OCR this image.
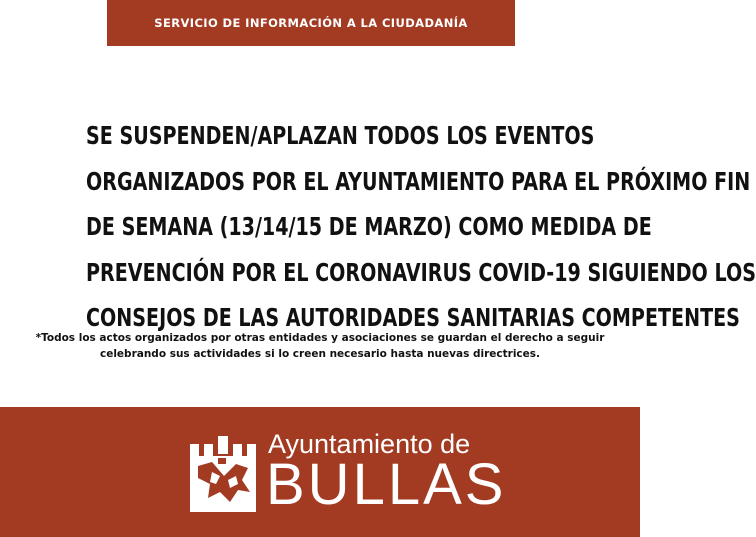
SERVICIO DE INFORMACIÓN A LA CIUDADANÍA
SE SUSPENDEN/APLAZAN TODOS LOS EVENTOS
ORGANIZADOS POR EL AYUNTAMIENTO PARA EL PRÓXIMO FIN
DE SEMANA (13/14/15 DE MARZO) COMO MEDIDA DE
PREVENCIÓN POR EL CORONAVIRUS COVID-19 SIGUIENDO LOS
CONSEJOS DE LAS AUTORIDADES SANITARIAS COMPETENTES
*Todos los actos organizados por otras entidades y asociaciones se guardan el derecho a seguir
celebrando sus actividades si lo creen necesario hasta nuevas directrices.
Ayuntamiento de
BULLAS
